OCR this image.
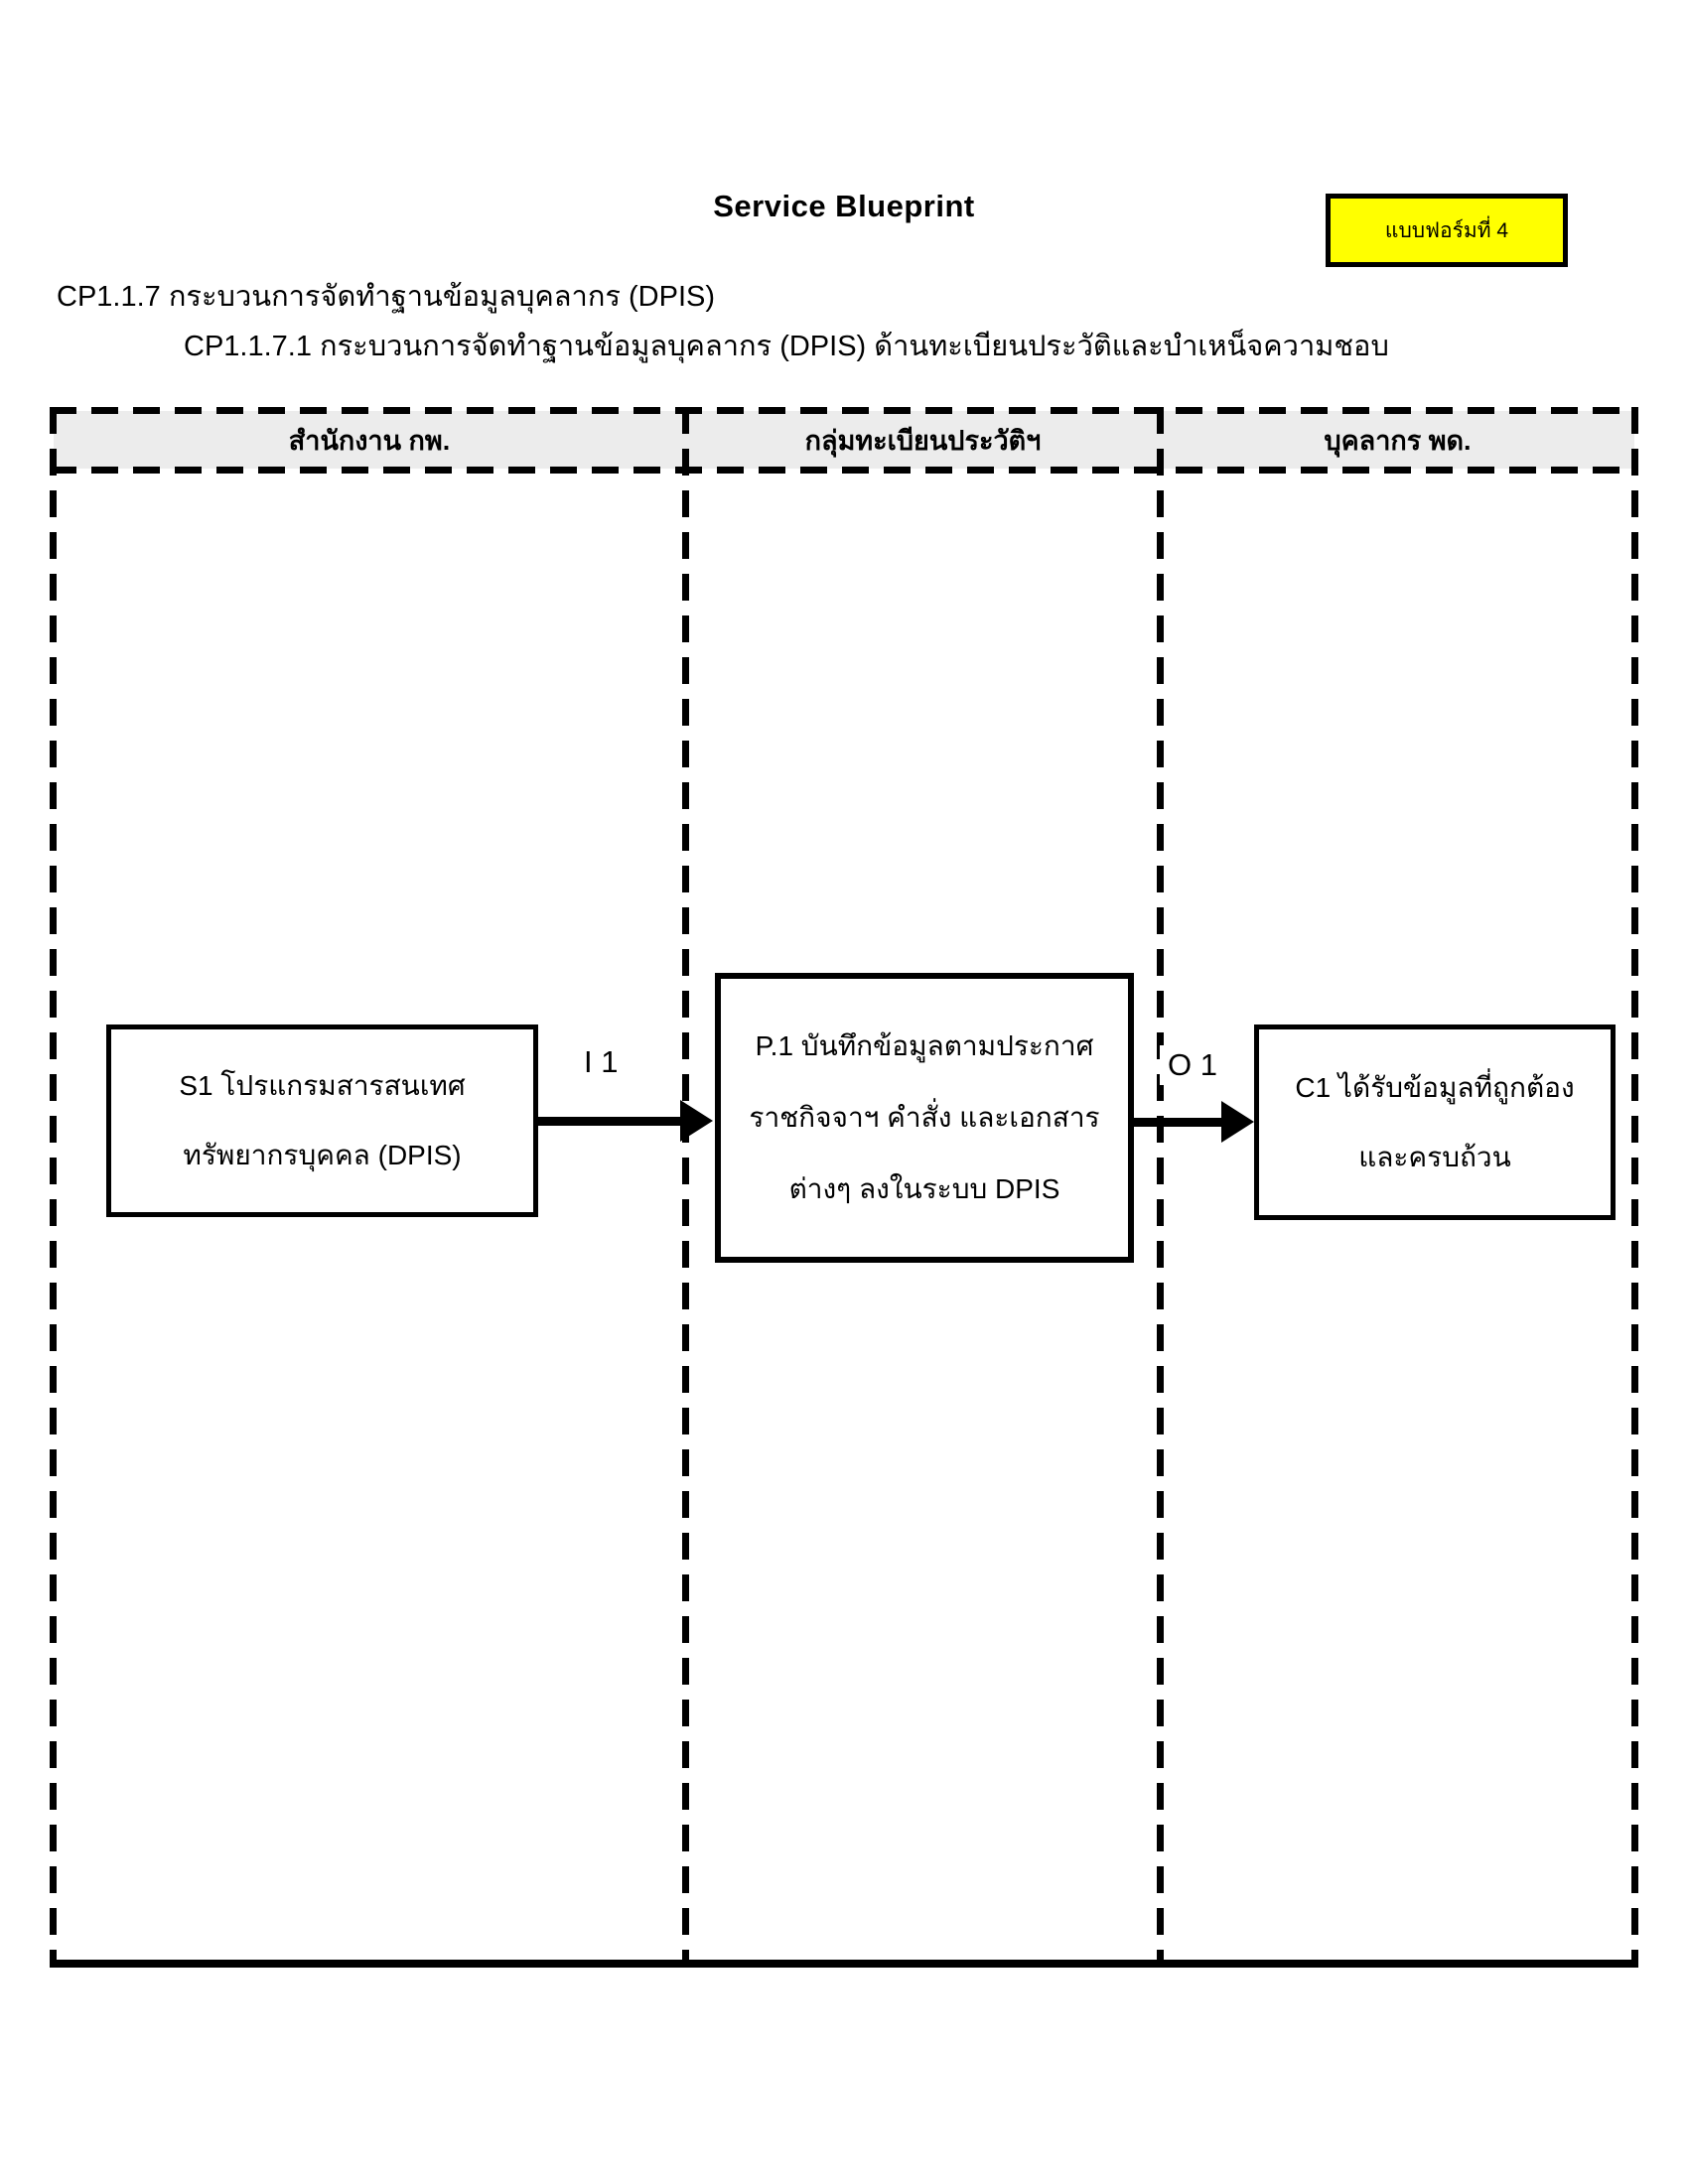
Service Blueprint
แบบฟอร์มที่ 4
CP1.1.7 กระบวนการจัดทำฐานข้อมูลบุคลากร (DPIS)
CP1.1.7.1 กระบวนการจัดทำฐานข้อมูลบุคลากร (DPIS) ด้านทะเบียนประวัติและบำเหน็จความชอบ
สำนักงาน กพ.	กลุ่มทะเบียนประวัติฯ	บุคลากร พด.
S1 โปรแกรมสารสนเทศ
ทรัพยากรบุคคล (DPIS)
P.1 บันทึกข้อมูลตามประกาศ
ราชกิจจาฯ คำสั่ง และเอกสาร
ต่างๆ ลงในระบบ DPIS
C1 ได้รับข้อมูลที่ถูกต้อง
และครบถ้วน
I 1	O 1
